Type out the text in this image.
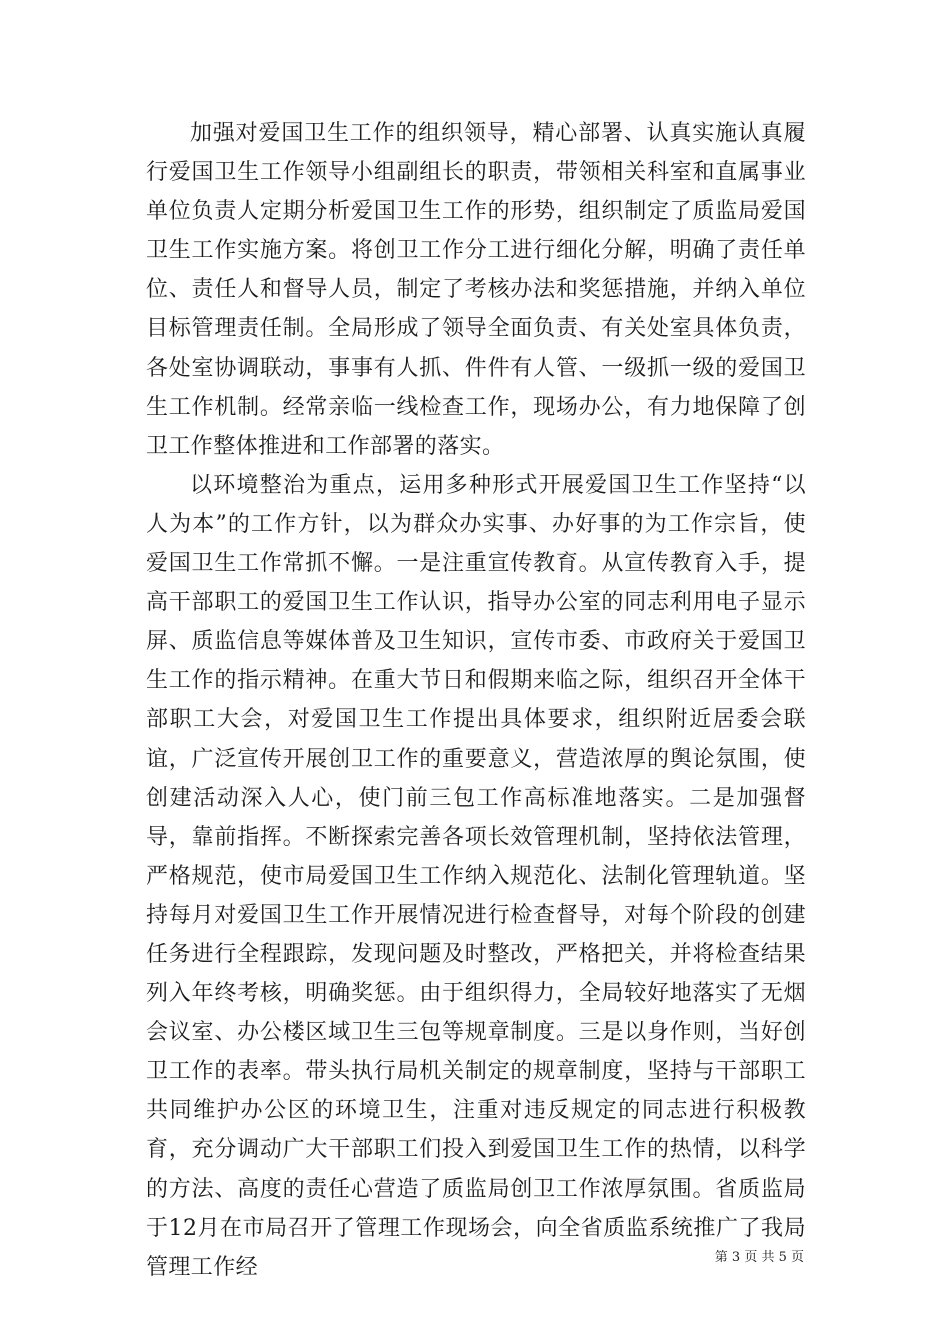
加强对爱国卫生工作的组织领导，精心部署、认真实施认真履行爱国卫生工作领导小组副组长的职责，带领相关科室和直属事业单位负责人定期分析爱国卫生工作的形势，组织制定了质监局爱国卫生工作实施方案。将创卫工作分工进行细化分解，明确了责任单位、责任人和督导人员，制定了考核办法和奖惩措施，并纳入单位目标管理责任制。全局形成了领导全面负责、有关处室具体负责，各处室协调联动，事事有人抓、件件有人管、一级抓一级的爱国卫生工作机制。经常亲临一线检查工作，现场办公，有力地保障了创卫工作整体推进和工作部署的落实。

以环境整治为重点，运用多种形式开展爱国卫生工作坚持“以人为本”的工作方针，以为群众办实事、办好事的为工作宗旨，使爱国卫生工作常抓不懈。一是注重宣传教育。从宣传教育入手，提高干部职工的爱国卫生工作认识，指导办公室的同志利用电子显示屏、质监信息等媒体普及卫生知识，宣传市委、市政府关于爱国卫生工作的指示精神。在重大节日和假期来临之际，组织召开全体干部职工大会，对爱国卫生工作提出具体要求，组织附近居委会联谊，广泛宣传开展创卫工作的重要意义，营造浓厚的舆论氛围，使创建活动深入人心，使门前三包工作高标准地落实。二是加强督导，靠前指挥。不断探索完善各项长效管理机制，坚持依法管理，严格规范，使市局爱国卫生工作纳入规范化、法制化管理轨道。坚持每月对爱国卫生工作开展情况进行检查督导，对每个阶段的创建任务进行全程跟踪，发现问题及时整改，严格把关，并将检查结果列入年终考核，明确奖惩。由于组织得力，全局较好地落实了无烟会议室、办公楼区域卫生三包等规章制度。三是以身作则，当好创卫工作的表率。带头执行局机关制定的规章制度，坚持与干部职工共同维护办公区的环境卫生，注重对违反规定的同志进行积极教育，充分调动广大干部职工们投入到爱国卫生工作的热情，以科学的方法、高度的责任心营造了质监局创卫工作浓厚氛围。省质监局于12月在市局召开了管理工作现场会，向全省质监系统推广了我局管理工作经	第 3 页 共 5 页
